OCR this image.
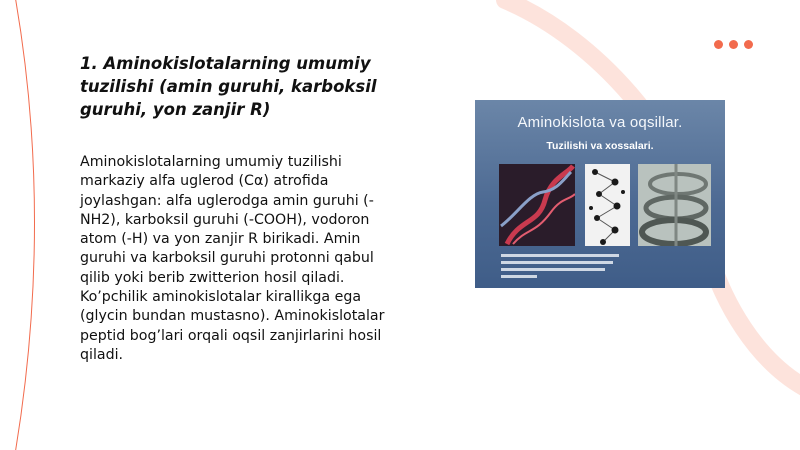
1. Aminokislotalarning umumiy tuzilishi (amin guruhi, karboksil guruhi, yon zanjir R)

Aminokislotalarning umumiy tuzilishi markaziy alfa uglerod (Cα) atrofida joylashgan: alfa uglerodga amin guruhi (-NH2), karboksil guruhi (-COOH), vodoron atom (-H) va yon zanjir R birikadi. Amin guruhi va karboksil guruhi protonni qabul qilib yoki berib zwitterion hosil qiladi. Ko’pchilik aminokislotalar kirallikga ega (glycin bundan mustasno). Aminokislotalar peptid bog’lari orqali oqsil zanjirlarini hosil qiladi.

Aminokislota va oqsillar.
Tuzilishi va xossalari.
